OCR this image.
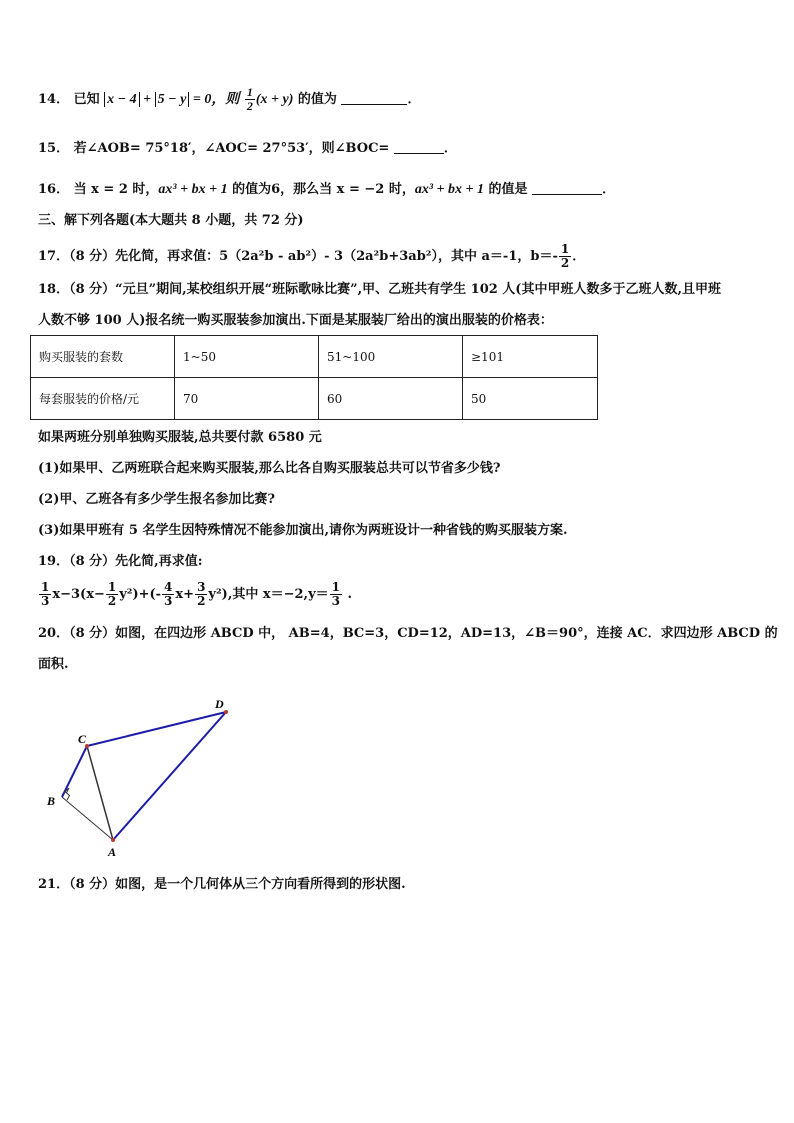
14． 已知 x − 4 + 5 − y = 0，则 $\frac{1}{2} (x + y)$ 的值为	．
15． 若∠AOB= 75°18′，∠AOC= 27°53′，则∠BOC=	．
16． 当 x = 2 时，ax³ + bx + 1 的值为6，那么当 x = −2 时，ax³ + bx + 1 的值是	．
三、解下列各题(本大题共 8 小题，共 72 分)
17．（8 分）先化简，再求值：5（2a²b - ab²）- 3（2a²b+3ab²），其中 a＝-1，$b=- \frac{1}{2}$ ．
18．（8 分）“元旦”期间,某校组织开展“班际歌咏比赛”,甲、乙班共有学生 102 人(其中甲班人数多于乙班人数,且甲班
人数不够 100 人)报名统一购买服装参加演出.下面是某服装厂给出的演出服装的价格表：
购买服装的套数	1~50	51~100	≥101
每套服装的价格/元	70	60	50
如果两班分别单独购买服装,总共要付款 6580 元
(1)如果甲、乙两班联合起来购买服装,那么比各自购买服装总共可以节省多少钱?
(2)甲、乙班各有多少学生报名参加比赛?
(3)如果甲班有 5 名学生因特殊情况不能参加演出,请你为两班设计一种省钱的购买服装方案.
19．（8 分）先化简,再求值:
$\frac{1}{3} x-3(x- \frac{1}{2} y^2)+(- \frac{4}{3} x+ \frac{3}{2} y^2)$,其中 $x=-2,y= \frac{1}{3}$ .
20．（8 分）如图，在四边形 ABCD 中， AB=4，BC=3，CD=12，AD=13，∠B＝90°，连接 AC．求四边形 ABCD 的
面积.
D
C
B
A
21．（8 分）如图，是一个几何体从三个方向看所得到的形状图.
